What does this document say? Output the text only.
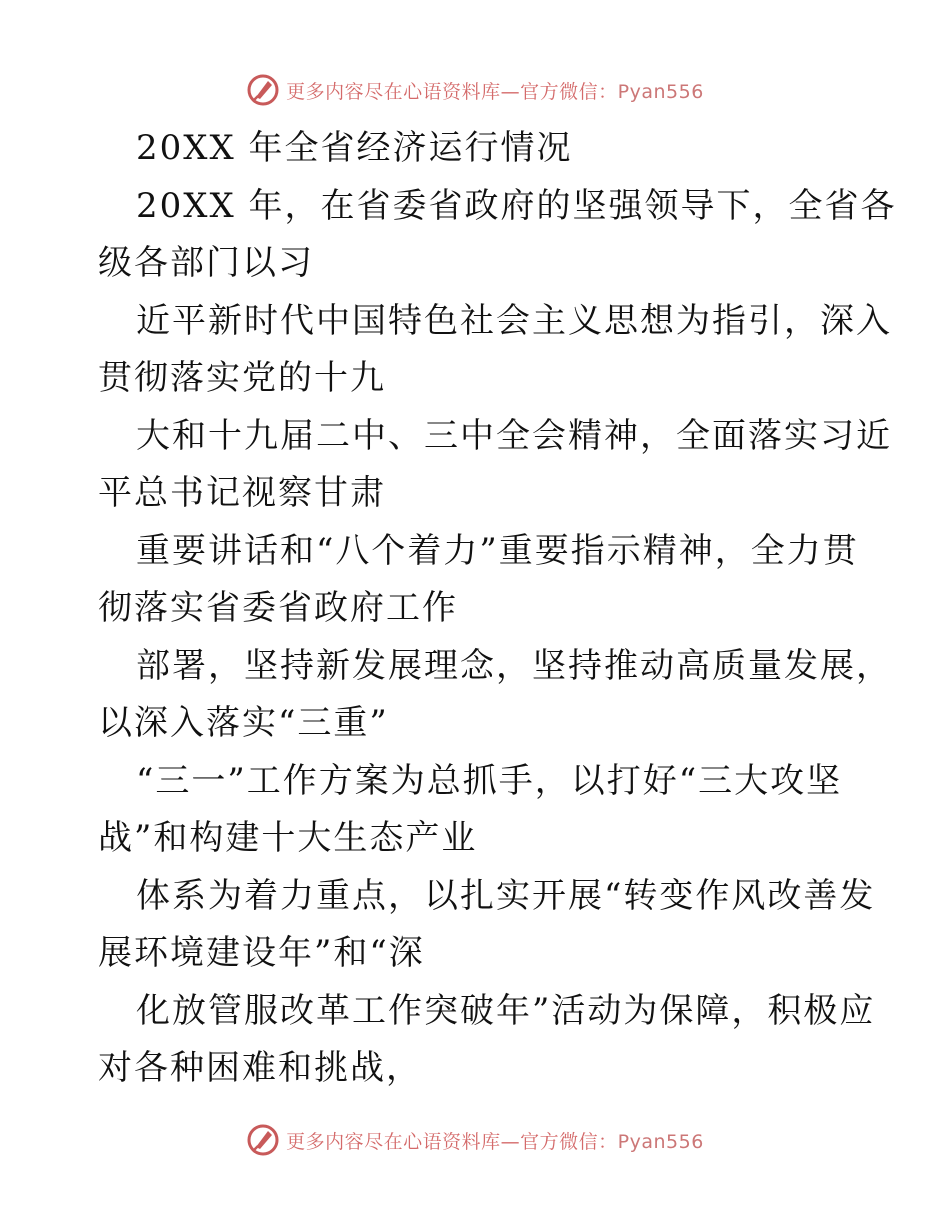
更多内容尽在心语资料库—官方微信：Pyan556
20XX 年全省经济运行情况
20XX 年，在省委省政府的坚强领导下，全省各
级各部门以习
近平新时代中国特色社会主义思想为指引，深入
贯彻落实党的十九
大和十九届二中、三中全会精神，全面落实习近
平总书记视察甘肃
重要讲话和“八个着力”重要指示精神，全力贯
彻落实省委省政府工作
部署，坚持新发展理念，坚持推动高质量发展，
以深入落实“三重”
“三一”工作方案为总抓手，以打好“三大攻坚
战”和构建十大生态产业
体系为着力重点，以扎实开展“转变作风改善发
展环境建设年”和“深
化放管服改革工作突破年”活动为保障，积极应
对各种困难和挑战，
更多内容尽在心语资料库—官方微信：Pyan556
